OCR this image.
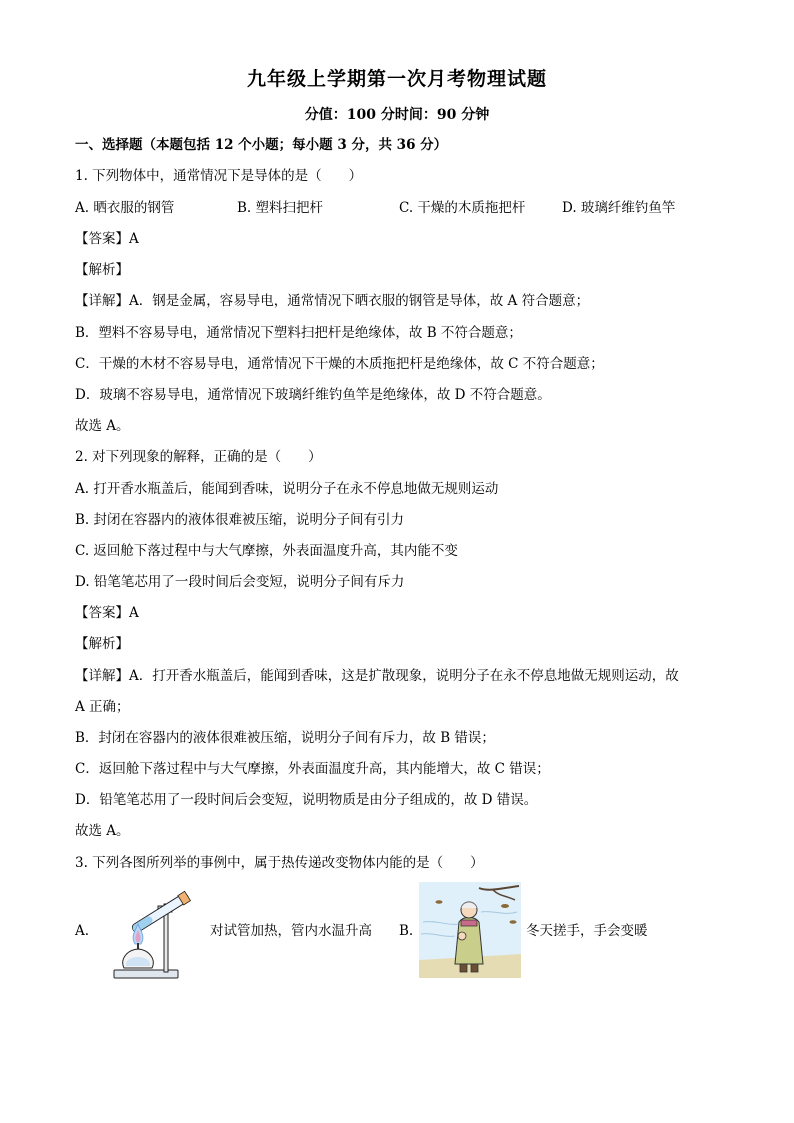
九年级上学期第一次月考物理试题
分值：100 分时间：90 分钟
一、选择题（本题包括 12 个小题；每小题 3 分，共 36 分）
1. 下列物体中，通常情况下是导体的是（　　）
A. 晒衣服的钢管	B. 塑料扫把杆	C. 干燥的木质拖把杆	D. 玻璃纤维钓鱼竿
【答案】A
【解析】
【详解】A．钢是金属，容易导电，通常情况下晒衣服的钢管是导体，故 A 符合题意；
B．塑料不容易导电，通常情况下塑料扫把杆是绝缘体，故 B 不符合题意；
C．干燥的木材不容易导电，通常情况下干燥的木质拖把杆是绝缘体，故 C 不符合题意；
D．玻璃不容易导电，通常情况下玻璃纤维钓鱼竿是绝缘体，故 D 不符合题意。
故选 A。
2. 对下列现象的解释，正确的是（　　）
A. 打开香水瓶盖后，能闻到香味，说明分子在永不停息地做无规则运动
B. 封闭在容器内的液体很难被压缩，说明分子间有引力
C. 返回舱下落过程中与大气摩擦，外表面温度升高，其内能不变
D. 铅笔笔芯用了一段时间后会变短，说明分子间有斥力
【答案】A
【解析】
【详解】A．打开香水瓶盖后，能闻到香味，这是扩散现象，说明分子在永不停息地做无规则运动，故
A 正确；
B．封闭在容器内的液体很难被压缩，说明分子间有斥力，故 B 错误；
C．返回舱下落过程中与大气摩擦，外表面温度升高，其内能增大，故 C 错误；
D．铅笔笔芯用了一段时间后会变短，说明物质是由分子组成的，故 D 错误。
故选 A。
3. 下列各图所列举的事例中，属于热传递改变物体内能的是（　　）
A.	对试管加热，管内水温升高 B.	冬天搓手，手会变暖
